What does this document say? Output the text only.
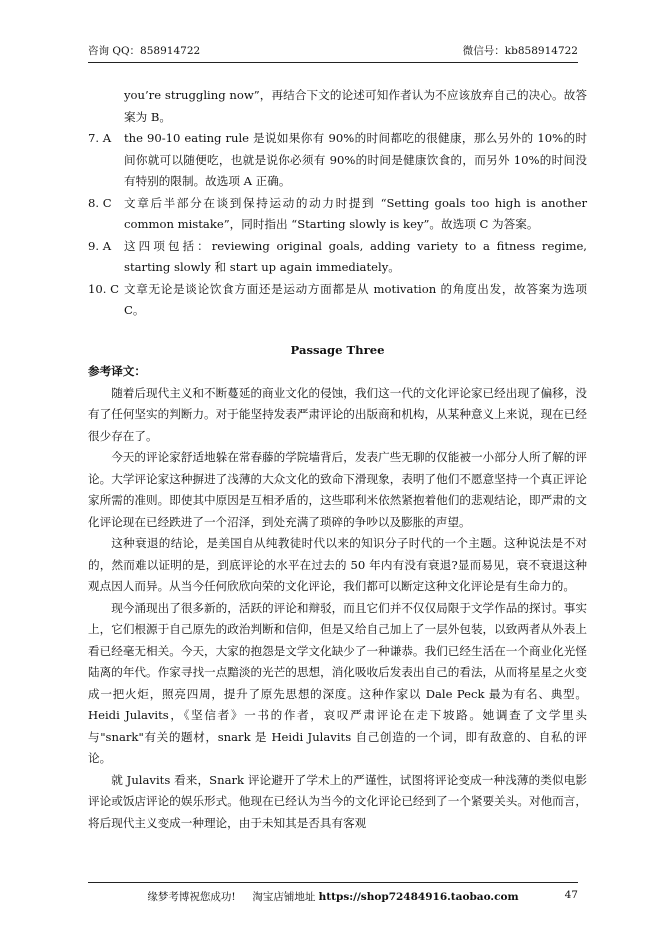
咨询 QQ：858914722	微信号：kb858914722
you’re struggling now”，再结合下文的论述可知作者认为不应该放弃自己的决心。故答案为 B。
7. A	the 90-10 eating rule 是说如果你有 90%的时间都吃的很健康，那么另外的 10%的时间你就可以随便吃，也就是说你必须有 90%的时间是健康饮食的，而另外 10%的时间没有特别的限制。故选项 A 正确。
8. C	文章后半部分在谈到保持运动的动力时提到 “Setting goals too high is another common mistake”，同时指出 “Starting slowly is key”。故选项 C 为答案。
9. A	这四项包括：reviewing original goals, adding variety to a fitness regime, starting slowly 和 start up again immediately。
10. C 文章无论是谈论饮食方面还是运动方面都是从 motivation 的角度出发，故答案为选项 C。
Passage Three
参考译文：

随着后现代主义和不断蔓延的商业文化的侵蚀，我们这一代的文化评论家已经出现了偏移，没有了任何坚实的判断力。对于能坚持发表严肃评论的出版商和机构，从某种意义上来说，现在已经很少存在了。

今天的评论家舒适地躲在常春藤的学院墙背后，发表广些无聊的仅能被一小部分人所了解的评论。大学评论家这种摒进了浅薄的大众文化的致命下滑现象，表明了他们不愿意坚持一个真正评论家所需的准则。即使其中原因是互相矛盾的，这些耶利米依然紧抱着他们的悲观结论，即严肃的文化评论现在已经跌进了一个沼泽，到处充满了琐碎的争吵以及膨胀的声望。

这种衰退的结论，是美国自从纯教徒时代以来的知识分子时代的一个主题。这种说法是不对的，然而难以证明的是，到底评论的水平在过去的 50 年内有没有衰退?显而易见，衰不衰退这种观点因人而异。从当今任何欣欣向荣的文化评论，我们都可以断定这种文化评论是有生命力的。

现今涌现出了很多新的，活跃的评论和辩驳，而且它们并不仅仅局限于文学作品的探讨。事实上，它们根源于自己原先的政治判断和信仰，但是又给自己加上了一层外包装，以致两者从外表上看已经毫无相关。今天，大家的抱怨是文学文化缺少了一种谦恭。我们已经生活在一个商业化光怪陆离的年代。作家寻找一点黯淡的光芒的思想，消化吸收后发表出自己的看法，从而将星星之火变成一把火炬，照亮四周，提升了原先思想的深度。这种作家以 Dale Peck 最为有名、典型。Heidi Julavits，《坚信者》一书的作者，哀叹严肃评论在走下坡路。她调查了文学里头与"snark"有关的题材，snark 是 Heidi Julavits 自己创造的一个词，即有敌意的、自私的评论。

就 Julavits 看来，Snark 评论避开了学术上的严谨性，试图将评论变成一种浅薄的类似电影评论或饭店评论的娱乐形式。他现在已经认为当今的文化评论已经到了一个紧要关头。对他而言，将后现代主义变成一种理论，由于未知其是否具有客观

缘梦考博祝您成功! 淘宝店铺地址 https://shop72484916.taobao.com	47
